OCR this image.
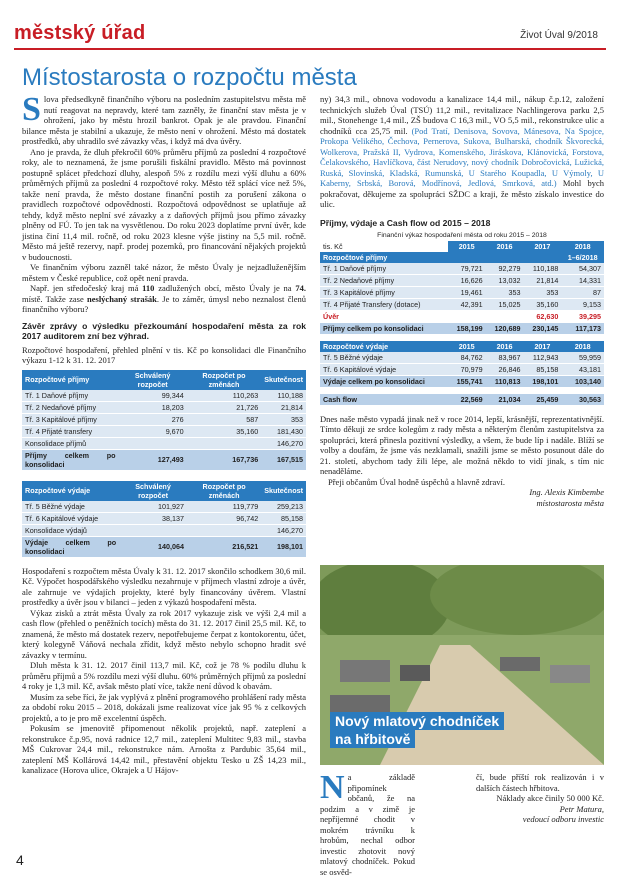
městský úřad	Život Úval 9/2018
Místostarosta o rozpočtu města

Slova předsedkyně finančního výboru na posledním zastupitelstvu města mě nutí reagovat na nepravdy, které tam zazněly, že finanční stav města je v ohrožení, jako by městu hrozil bankrot. Opak je ale pravdou. Finanční bilance města je stabilní a ukazuje, že město není v ohrožení. Město má dostatek prostředků, aby uhradilo své závazky včas, i když má dva úvěry.

Ano je pravda, že dluh překročil 60% průměru příjmů za poslední 4 rozpočtové roky, ale to neznamená, že jsme porušili fiskální pravidlo. Město má povinnost postupně splácet předchozí dluhy, alespoň 5% z rozdílu mezi výší dluhu a 60% průměrných příjmů za poslední 4 rozpočtové roky. Město též splácí více než 5%, takže není pravda, že město dostane finanční postih za porušení zákona o pravidlech rozpočtové odpovědnosti. Rozpočtová odpovědnost se uplatňuje až tehdy, když město neplní své závazky a z daňových příjmů jsou přímo závazky plněny od FÚ. To jen tak na vysvětlenou. Do roku 2023 doplatíme první úvěr, kde jistina činí 11,4 mil. ročně, od roku 2023 klesne výše jistiny na 5,5 mil. ročně. Město má ještě rezervy, např. prodej pozemků, pro financování nějakých projektů v budoucnosti.

Ve finančním výboru zazněl také názor, že město Úvaly je nejzadluženějším městem v České republice, což opět není pravda.

Např. jen středočeský kraj má 110 zadlužených obcí, město Úvaly je na 74. místě. Takže zase neslýchaný strašák. Je to záměr, úmysl nebo neznalost členů finančního výboru?

Závěr zprávy o výsledku přezkoumání hospodaření města za rok 2017 auditorem zní bez výhrad.

Rozpočtové hospodaření, přehled plnění v tis. Kč po konsolidaci dle Finančního výkazu 1-12 k 31. 12. 2017

Rozpočtové příjmy	Schválený rozpočet	Rozpočet po změnách	Skutečnost
Tř. 1 Daňové příjmy	99,344	110,263	110,188
Tř. 2 Nedaňové příjmy	18,203	21,726	21,814
Tř. 3 Kapitálové příjmy	276	587	353
Tř. 4 Přijaté transfery	9,670	35,160	181,430
Konsolidace příjmů			146,270
Příjmy celkem po konsolidaci	127,493	167,736	167,515
Rozpočtové výdaje	Schválený rozpočet	Rozpočet po změnách	Skutečnost
Tř. 5 Běžné výdaje	101,927	119,779	259,213
Tř. 6 Kapitálové výdaje	38,137	96,742	85,158
Konsolidace výdajů			146,270
Výdaje celkem po konsolidaci	140,064	216,521	198,101

Hospodaření s rozpočtem města Úvaly k 31. 12. 2017 skončilo schodkem 30,6 mil. Kč. Výpočet hospodářského výsledku nezahrnuje v příjmech vlastní zdroje a úvěr, ale zahrnuje ve výdajích projekty, které byly financovány úvěrem. Vlastní prostředky a úvěr jsou v bilanci – jeden z výkazů hospodaření města.

Výkaz zisků a ztrát města Úvaly za rok 2017 vykazuje zisk ve výši 2,4 mil a cash flow (přehled o peněžních tocích) města do 31. 12. 2017 činil 25,5 mil. Kč, to znamená, že město má dostatek rezerv, nepotřebujeme čerpat z kontokorentu, účet, který kolegyně Váňová nechala zřídit, když město nebylo schopno hradit své závazky v termínu.

Dluh města k 31. 12. 2017 činil 113,7 mil. Kč, což je 78 % podílu dluhu k průměru příjmů a 5% rozdílu mezi výší dluhu. 60% průměrných příjmů za poslední 4 roky je 1,3 mil. Kč, avšak město platí více, takže není důvod k obavám.

Musím za sebe říci, že jak vyplývá z plnění programového prohlášení rady města za období roku 2015 – 2018, dokázali jsme realizovat více jak 95 % z celkových projektů, a to je pro mě excelentní úspěch.

Pokusím se jmenovitě připomenout několik projektů, např. zateplení a rekonstrukce č.p.95, nová radnice 12,7 mil., zateplení Multitec 9,83 mil., stavba MŠ Cukrovar 24,4 mil., rekonstrukce nám. Arnošta z Pardubic 35,64 mil., zateplení MŠ Kollárová 14,42 mil., přestavění objektu Tesko u ZŠ 14,23 mil., kanalizace (Horova ulice, Okrajek a U Hájov-

ny) 34,3 mil., obnova vodovodu a kanalizace 14,4 mil., nákup č.p.12, založení technických služeb Úval (TSÚ) 11,2 mil., revitalizace Nachlingerova parku 2,5 mil., Stonehenge 1,4 mil., ZŠ budova C 16,3 mil., VO 5,5 mil., rekonstrukce ulic a chodníků cca 25,75 mil. (Pod Tratí, Denisova, Sovova, Mánesova, Na Spojce, Prokopa Velikého, Čechova, Pernerova, Sukova, Bulharská, chodník Škvorecká, Wolkerova, Pražská II, Vydrova, Komenského, Jiráskova, Klánovická, Forstova, Čelakovského, Havlíčkova, část Nerudovy, nový chodník Dobročovická, Lužická, Ruská, Slovinská, Kladská, Rumunská, U Starého Koupadla, U Výmoly, U Kaberny, Srbská, Borová, Modřínová, Jedlová, Smrková, atd.) Mohl bych pokračovat, děkujeme za spolupráci SŽDC a kraji, že město získalo investice do ulic.

Příjmy, výdaje a Cash flow od 2015 – 2018
Finanční výkaz hospodaření města od roku 2015 – 2018
tis. Kč	2015	2016	2017	2018
Rozpočtové příjmy				1–6/2018
Tř. 1 Daňové příjmy	79,721	92,279	110,188	54,307
Tř. 2 Nedaňové příjmy	16,626	13,032	21,814	14,331
Tř. 3 Kapitálové příjmy	19,461	353	353	87
Tř. 4 Přijaté Transfery (dotace)	42,391	15,025	35,160	9,153
Úvěr			62,630	39,295
Příjmy celkem po konsolidaci	158,199	120,689	230,145	117,173

Rozpočtové výdaje	2015	2016	2017	2018
Tř. 5 Běžné výdaje	84,762	83,967	112,943	59,959
Tř. 6 Kapitálové výdaje	70,979	26,846	85,158	43,181
Výdaje celkem po konsolidaci	155,741	110,813	198,101	103,140

Cash flow	22,569	21,034	25,459	30,563

Dnes naše město vypadá jinak než v roce 2014, lepší, krásnější, reprezentativnější. Tímto děkuji ze srdce kolegům z rady města a některým členům zastupitelstva za spolupráci, která přinesla pozitivní výsledky, a všem, že bude líp i nadále. Blíží se volby a doufám, že jsme vás nezklamali, snažili jsme se město posunout dále do 21. století, abychom tady žili lépe, ale možná někdo to vidí jinak, s tím nic nenaděláme.

Přeji občanům Úval hodně úspěchů a hlavně zdraví.

Ing. Alexis Kimbembe

místostarosta města

Nový mlatový chodníček
na hřbitově

Na základě připomínek občanů, že na podzim a v zimě je nepříjemné chodit v mokrém trávníku k hrobům, nechal odbor investic zhotovit nový mlatový chodníček. Pokud se osvěd-

čí, bude příští rok realizován i v dalších částech hřbitova.

Náklady akce činily 50 000 Kč.

Petr Matura,

vedoucí odboru investic

4
